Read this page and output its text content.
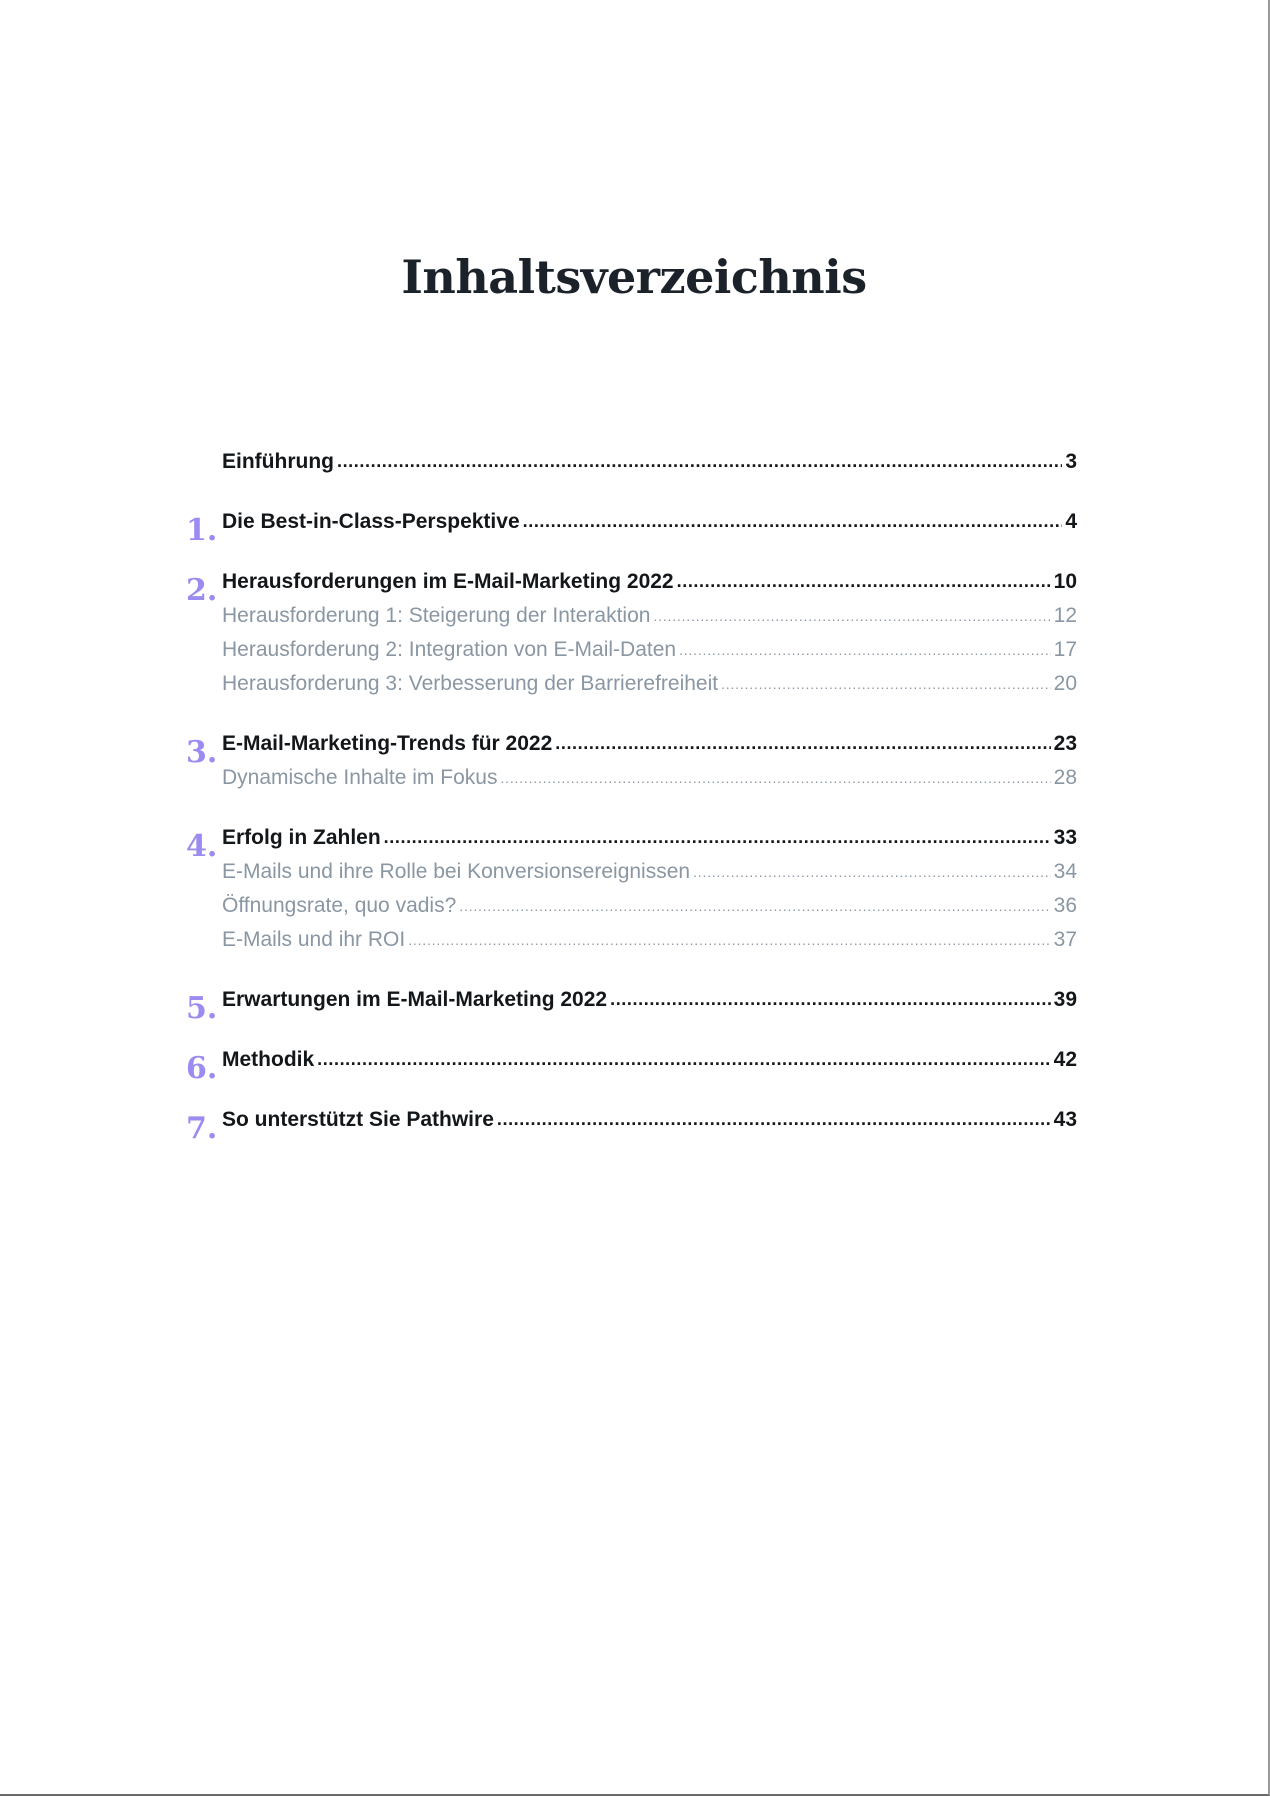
Inhaltsverzeichnis
Einführung .....	3
1. Die Best-in-Class-Perspektive .....	4
2. Herausforderungen im E-Mail-Marketing 2022 .....	10
Herausforderung 1: Steigerung der Interaktion .....	12
Herausforderung 2: Integration von E-Mail-Daten .....	17
Herausforderung 3: Verbesserung der Barrierefreiheit .....	20
3. E-Mail-Marketing-Trends für 2022 .....	23
Dynamische Inhalte im Fokus .....	28
4. Erfolg in Zahlen .....	33
E-Mails und ihre Rolle bei Konversionsereignissen .....	34
Öffnungsrate, quo vadis? .....	36
E-Mails und ihr ROI .....	37
5. Erwartungen im E-Mail-Marketing 2022 .....	39
6. Methodik .....	42
7. So unterstützt Sie Pathwire .....	43
